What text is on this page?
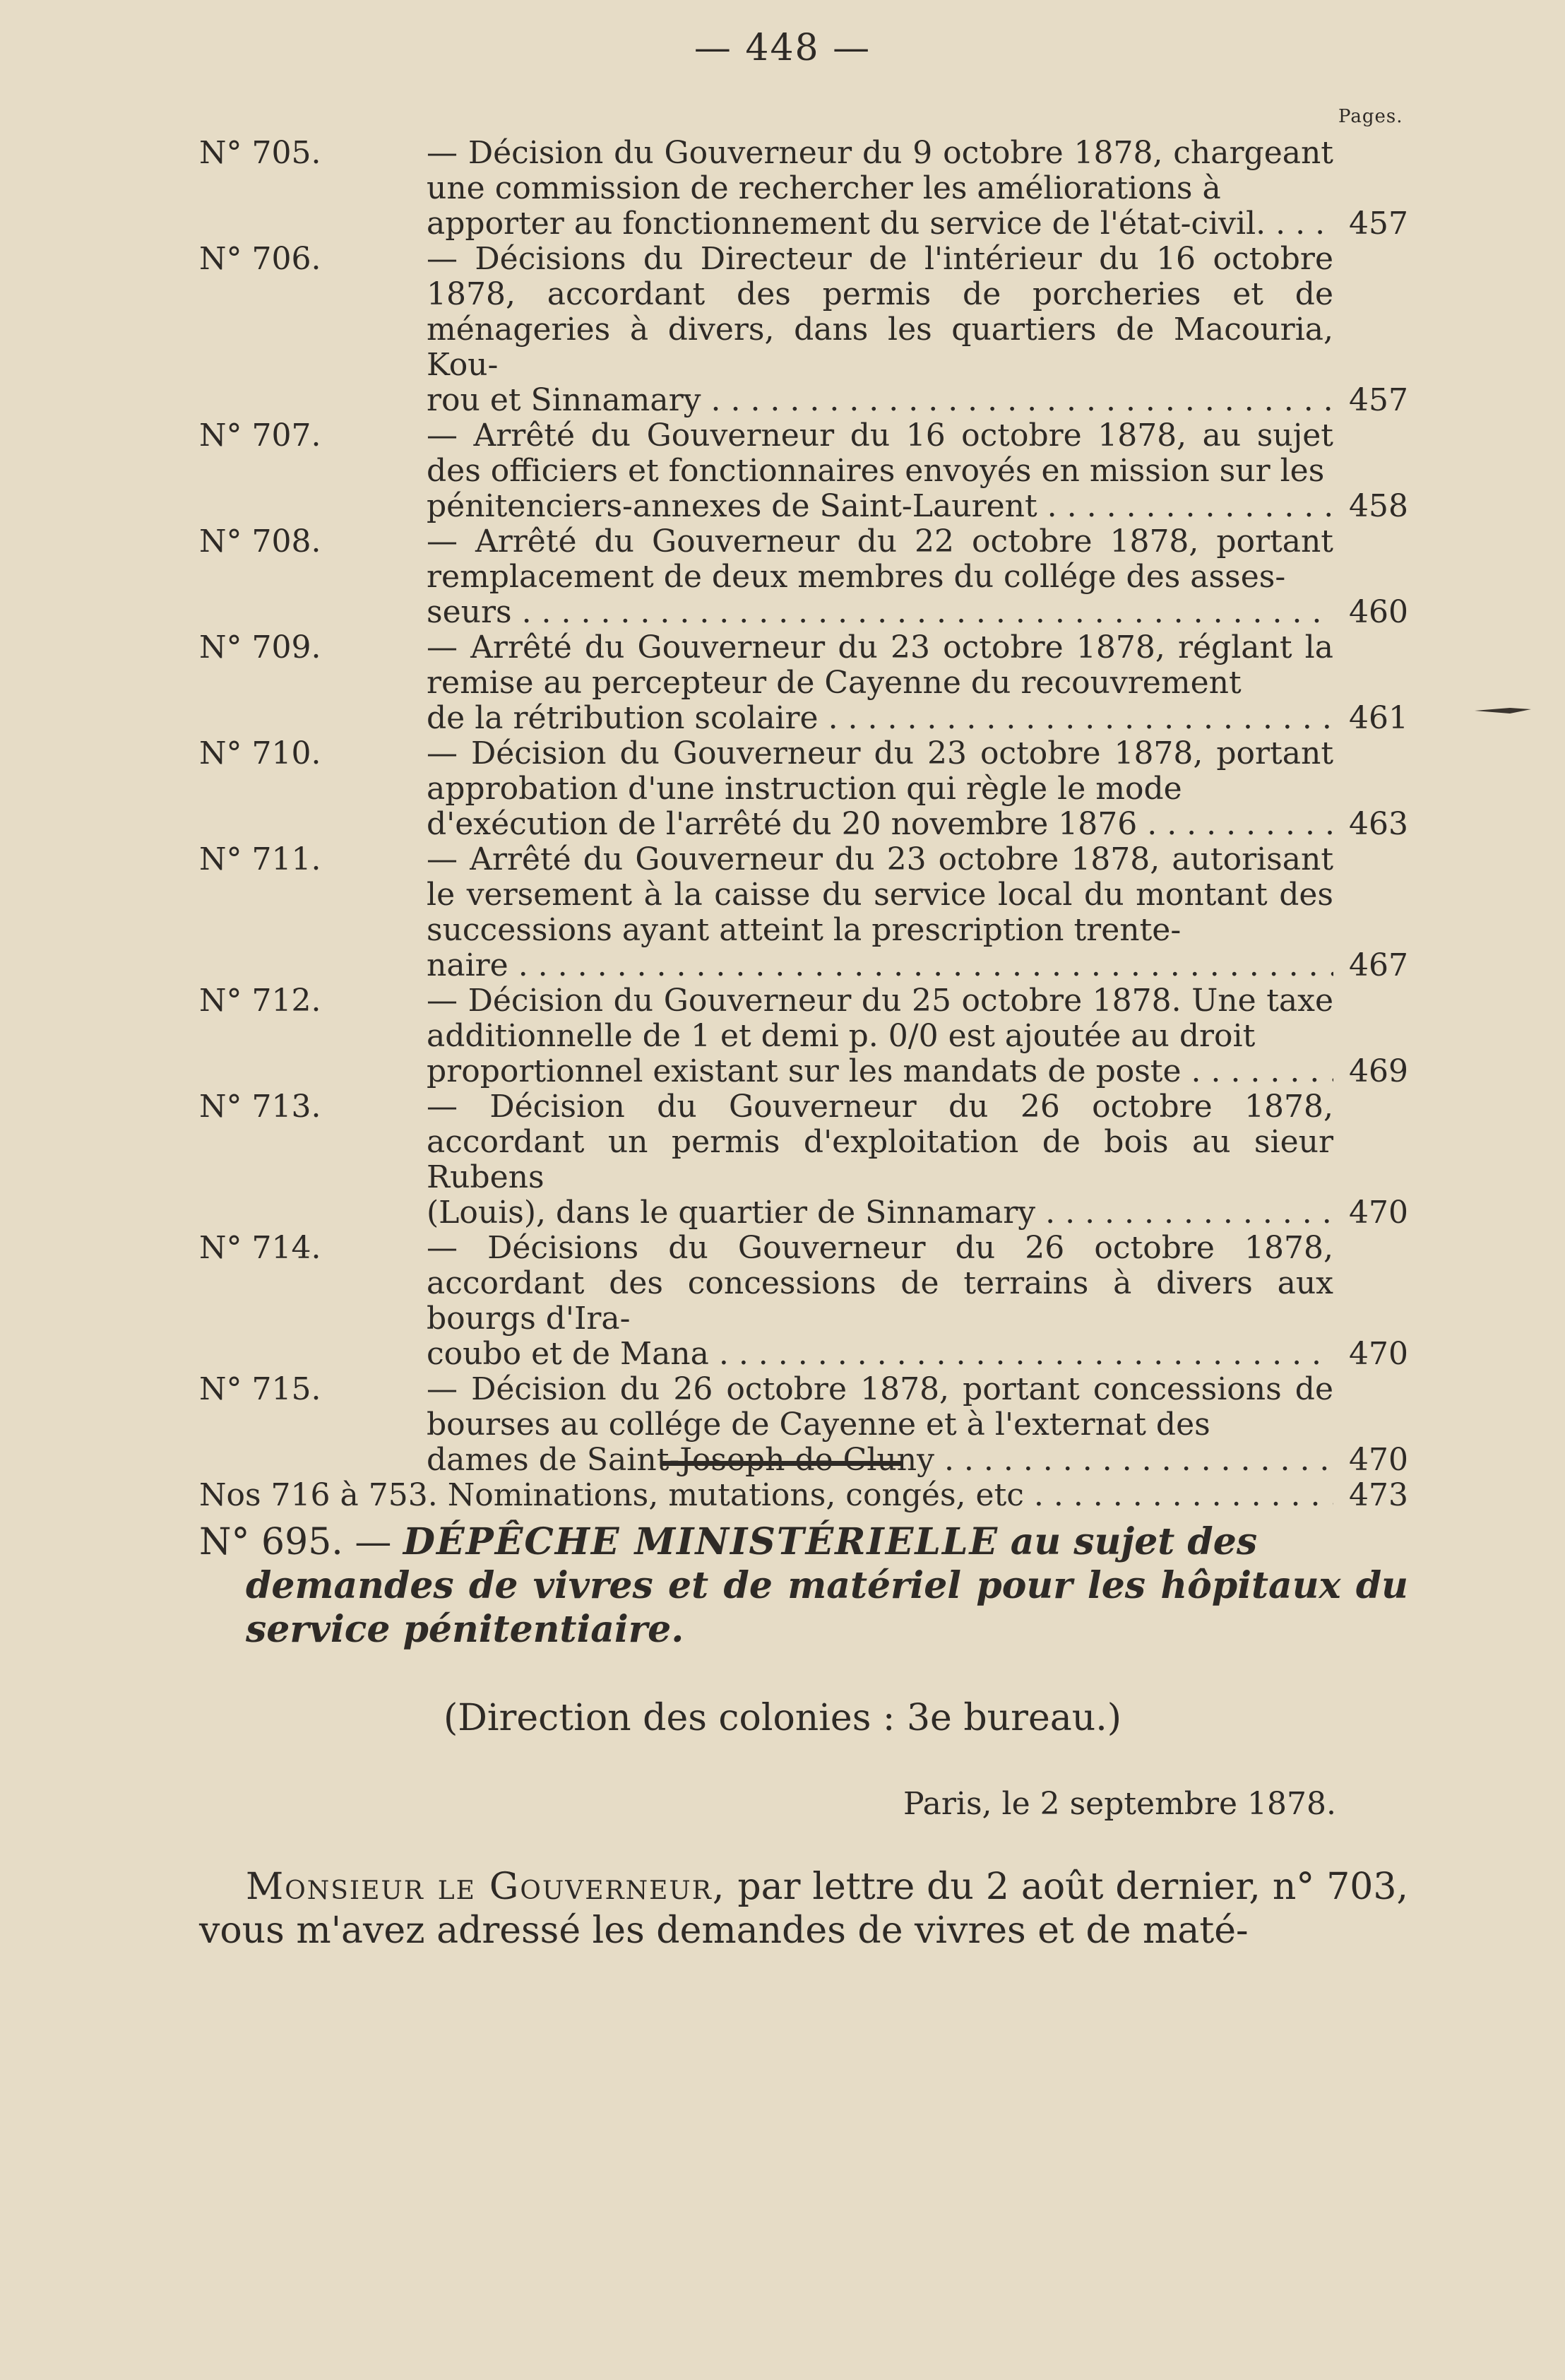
— 448 —
Pages.
N° 705.	— Décision du Gouverneur du 9 octobre 1878, chargeant une commission de rechercher les améliorations à
apporter au fonctionnement du service de l'état-civil. . . .	457
N° 706.	— Décisions du Directeur de l'intérieur du 16 octobre 1878, accordant des permis de porcheries et de ménageries à divers, dans les quartiers de Macouria, Kou-
rou et Sinnamary . . .	457
N° 707.	— Arrêté du Gouverneur du 16 octobre 1878, au sujet des officiers et fonctionnaires envoyés en mission sur les
pénitenciers-annexes de Saint-Laurent . . .	458
N° 708.	— Arrêté du Gouverneur du 22 octobre 1878, portant remplacement de deux membres du collége des asses-
seurs . . .	460
N° 709.	— Arrêté du Gouverneur du 23 octobre 1878, réglant la remise au percepteur de Cayenne du recouvrement
de la rétribution scolaire . . .	461
N° 710.	— Décision du Gouverneur du 23 octobre 1878, portant approbation d'une instruction qui règle le mode
d'exécution de l'arrêté du 20 novembre 1876 . . .	463
N° 711.	— Arrêté du Gouverneur du 23 octobre 1878, autorisant le versement à la caisse du service local du montant des successions ayant atteint la prescription trente-
naire . . .	467
N° 712.	— Décision du Gouverneur du 25 octobre 1878. Une taxe additionnelle de 1 et demi p. 0/0 est ajoutée au droit
proportionnel existant sur les mandats de poste . . .	469
N° 713.	— Décision du Gouverneur du 26 octobre 1878, accordant un permis d'exploitation de bois au sieur Rubens
(Louis), dans le quartier de Sinnamary . . .	470
N° 714.	— Décisions du Gouverneur du 26 octobre 1878, accordant des concessions de terrains à divers aux bourgs d'Ira-
coubo et de Mana . . .	470
N° 715.	— Décision du 26 octobre 1878, portant concessions de bourses au collége de Cayenne et à l'externat des
dames de Saint-Joseph de Cluny . . .	470
Nos 716 à 753. Nominations, mutations, congés, etc . . .	473
N° 695. — DÉPÊCHE MINISTÉRIELLE au sujet des
demandes de vivres et de matériel pour les hôpitaux du service pénitentiaire.
(Direction des colonies : 3e bureau.)
Paris, le 2 septembre 1878.
Monsieur le Gouverneur, par lettre du 2 août dernier, n° 703, vous m'avez adressé les demandes de vivres et de maté-
